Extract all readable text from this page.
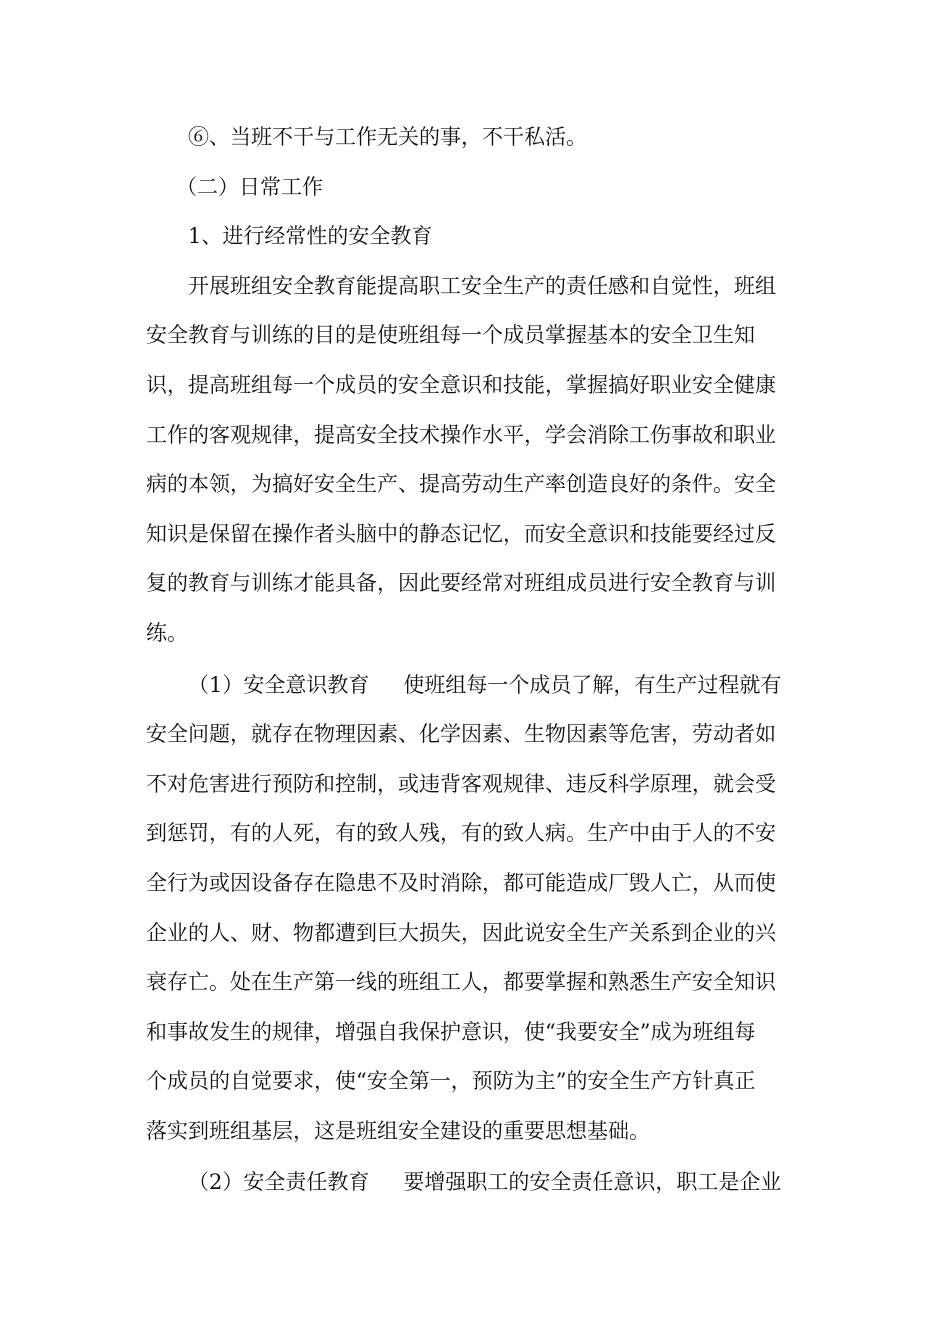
⑥、当班不干与工作无关的事，不干私活。
（二）日常工作
1、进行经常性的安全教育
开展班组安全教育能提高职工安全生产的责任感和自觉性，班组
安全教育与训练的目的是使班组每一个成员掌握基本的安全卫生知
识，提高班组每一个成员的安全意识和技能，掌握搞好职业安全健康
工作的客观规律，提高安全技术操作水平，学会消除工伤事故和职业
病的本领，为搞好安全生产、提高劳动生产率创造良好的条件。安全
知识是保留在操作者头脑中的静态记忆，而安全意识和技能要经过反
复的教育与训练才能具备，因此要经常对班组成员进行安全教育与训
练。
（1）安全意识教育 使班组每一个成员了解，有生产过程就有
安全问题，就存在物理因素、化学因素、生物因素等危害，劳动者如
不对危害进行预防和控制，或违背客观规律、违反科学原理，就会受
到惩罚，有的人死，有的致人残，有的致人病。生产中由于人的不安
全行为或因设备存在隐患不及时消除，都可能造成厂毁人亡，从而使
企业的人、财、物都遭到巨大损失，因此说安全生产关系到企业的兴
衰存亡。处在生产第一线的班组工人，都要掌握和熟悉生产安全知识
和事故发生的规律，增强自我保护意识，使“我要安全”成为班组每
个成员的自觉要求，使“安全第一，预防为主”的安全生产方针真正
落实到班组基层，这是班组安全建设的重要思想基础。
（2）安全责任教育 要增强职工的安全责任意识，职工是企业
